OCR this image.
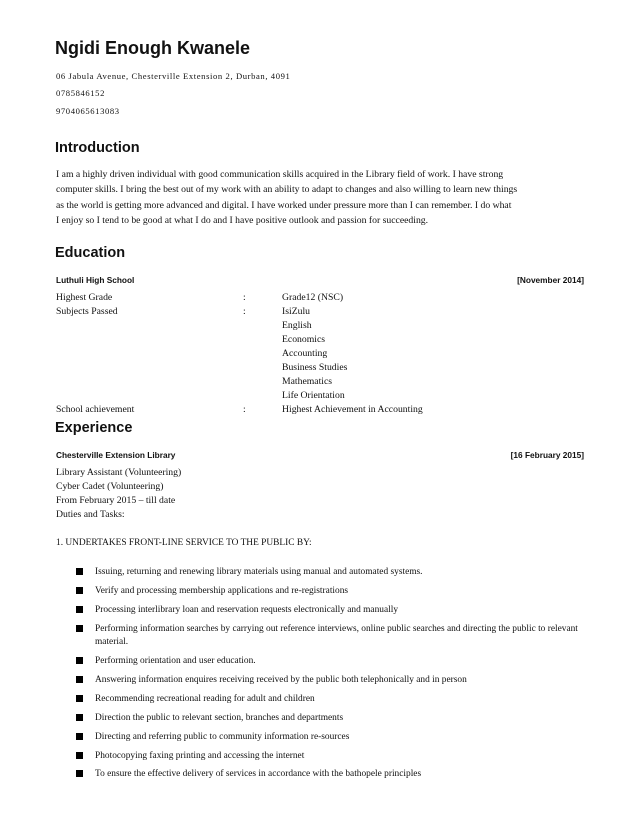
Ngidi Enough Kwanele
06 Jabula Avenue, Chesterville Extension 2, Durban, 4091
0785846152
9704065613083
Introduction
I am a highly driven individual with good communication skills acquired in the Library field of work. I have strong
computer skills. I bring the best out of my work with an ability to adapt to changes and also willing to learn new things
as the world is getting more advanced and digital. I have worked under pressure more than I can remember. I do what
I enjoy so I tend to be good at what I do and I have positive outlook and passion for succeeding.
Education
Luthuli High School	[November 2014]
Highest Grade	:	Grade12 (NSC)
Subjects Passed	:	IsiZulu
English
Economics
Accounting
Business Studies
Mathematics
Life Orientation
School achievement	:	Highest Achievement in Accounting
Experience
Chesterville Extension Library	[16 February 2015]
Library Assistant (Volunteering)
Cyber Cadet (Volunteering)
From February 2015 – till date
Duties and Tasks:
1. UNDERTAKES FRONT-LINE SERVICE TO THE PUBLIC BY:
Issuing, returning and renewing library materials using manual and automated systems.
Verify and processing membership applications and re-registrations
Processing interlibrary loan and reservation requests electronically and manually
Performing information searches by carrying out reference interviews, online public searches and directing the public to relevant material.
Performing orientation and user education.
Answering information enquires receiving received by the public both telephonically and in person
Recommending recreational reading for adult and children
Direction the public to relevant section, branches and departments
Directing and referring public to community information re-sources
Photocopying faxing printing and accessing the internet
To ensure the effective delivery of services in accordance with the bathopele principles
